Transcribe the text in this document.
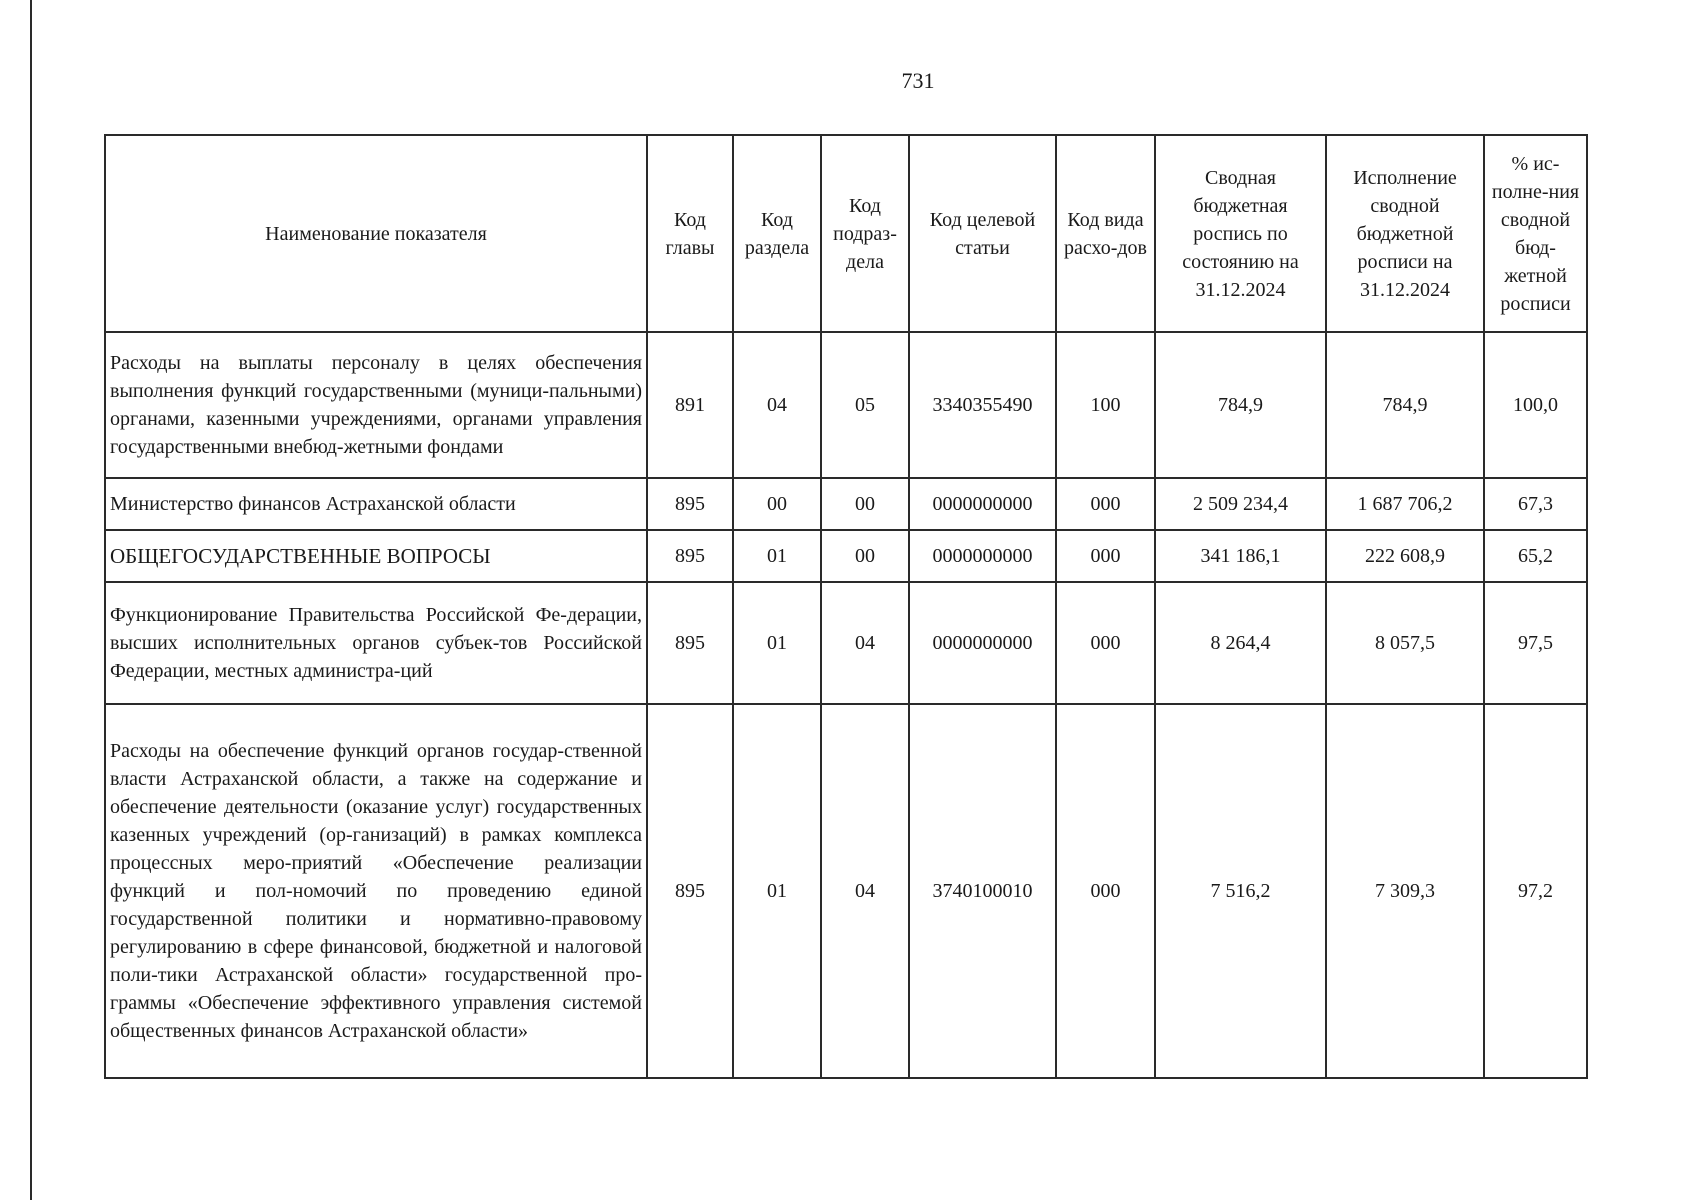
731
Наименование показателя	Код главы	Код раздела	Код подраз-дела	Код целевой статьи	Код вида расхо-дов	Сводная бюджетная роспись по состоянию на 31.12.2024	Исполнение сводной бюджетной росписи на 31.12.2024	% ис-полне-ния сводной бюд-жетной росписи
Расходы на выплаты персоналу в целях обеспечения выполнения функций государственными (муници-пальными) органами, казенными учреждениями, органами управления государственными внебюд-жетными фондами	891	04	05	3340355490	100	784,9	784,9	100,0
Министерство финансов Астраханской области	895	00	00	0000000000	000	2 509 234,4	1 687 706,2	67,3
ОБЩЕГОСУДАРСТВЕННЫЕ ВОПРОСЫ	895	01	00	0000000000	000	341 186,1	222 608,9	65,2
Функционирование Правительства Российской Фе-дерации, высших исполнительных органов субъек-тов Российской Федерации, местных администра-ций	895	01	04	0000000000	000	8 264,4	8 057,5	97,5
Расходы на обеспечение функций органов государ-ственной власти Астраханской области, а также на содержание и обеспечение деятельности (оказание услуг) государственных казенных учреждений (ор-ганизаций) в рамках комплекса процессных меро-приятий «Обеспечение реализации функций и пол-номочий по проведению единой государственной политики и нормативно-правовому регулированию в сфере финансовой, бюджетной и налоговой поли-тики Астраханской области» государственной про-граммы «Обеспечение эффективного управления системой общественных финансов Астраханской области»	895	01	04	3740100010	000	7 516,2	7 309,3	97,2
